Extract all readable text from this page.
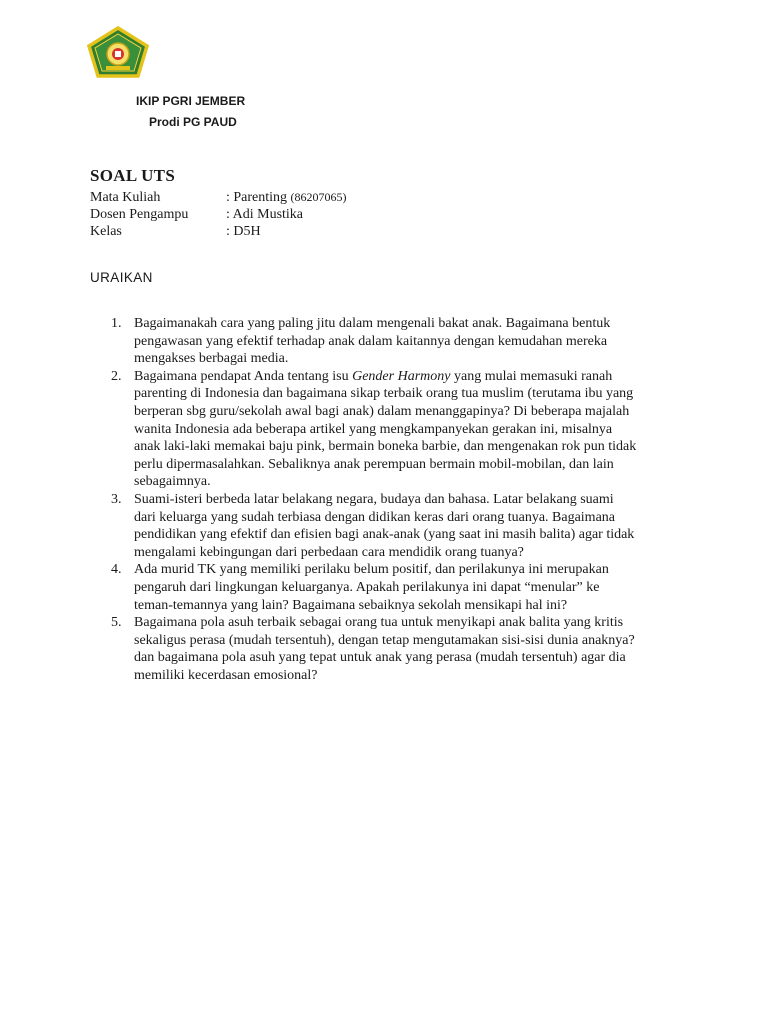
IKIP PGRI JEMBER
Prodi PG PAUD
SOAL UTS
Mata Kuliah	: Parenting (86207065)
Dosen Pengampu	: Adi Mustika
Kelas	: D5H
URAIKAN
1. Bagaimanakah cara yang paling jitu dalam mengenali bakat anak. Bagaimana bentuk
pengawasan yang efektif terhadap anak dalam kaitannya dengan kemudahan mereka
mengakses berbagai media.
2. Bagaimana pendapat Anda tentang isu Gender Harmony yang mulai memasuki ranah
parenting di Indonesia dan bagaimana sikap terbaik orang tua muslim (terutama ibu yang
berperan sbg guru/sekolah awal bagi anak) dalam menanggapinya? Di beberapa majalah
wanita Indonesia ada beberapa artikel yang mengkampanyekan gerakan ini, misalnya
anak laki-laki memakai baju pink, bermain boneka barbie, dan mengenakan rok pun tidak
perlu dipermasalahkan. Sebaliknya anak perempuan bermain mobil-mobilan, dan lain
sebagaimnya.
3. Suami-isteri berbeda latar belakang negara, budaya dan bahasa. Latar belakang suami
dari keluarga yang sudah terbiasa dengan didikan keras dari orang tuanya. Bagaimana
pendidikan yang efektif dan efisien bagi anak-anak (yang saat ini masih balita) agar tidak
mengalami kebingungan dari perbedaan cara mendidik orang tuanya?
4. Ada murid TK yang memiliki perilaku belum positif, dan perilakunya ini merupakan
pengaruh dari lingkungan keluarganya. Apakah perilakunya ini dapat “menular” ke
teman-temannya yang lain? Bagaimana sebaiknya sekolah mensikapi hal ini?
5. Bagaimana pola asuh terbaik sebagai orang tua untuk menyikapi anak balita yang kritis
sekaligus perasa (mudah tersentuh), dengan tetap mengutamakan sisi-sisi dunia anaknya?
dan bagaimana pola asuh yang tepat untuk anak yang perasa (mudah tersentuh) agar dia
memiliki kecerdasan emosional?
